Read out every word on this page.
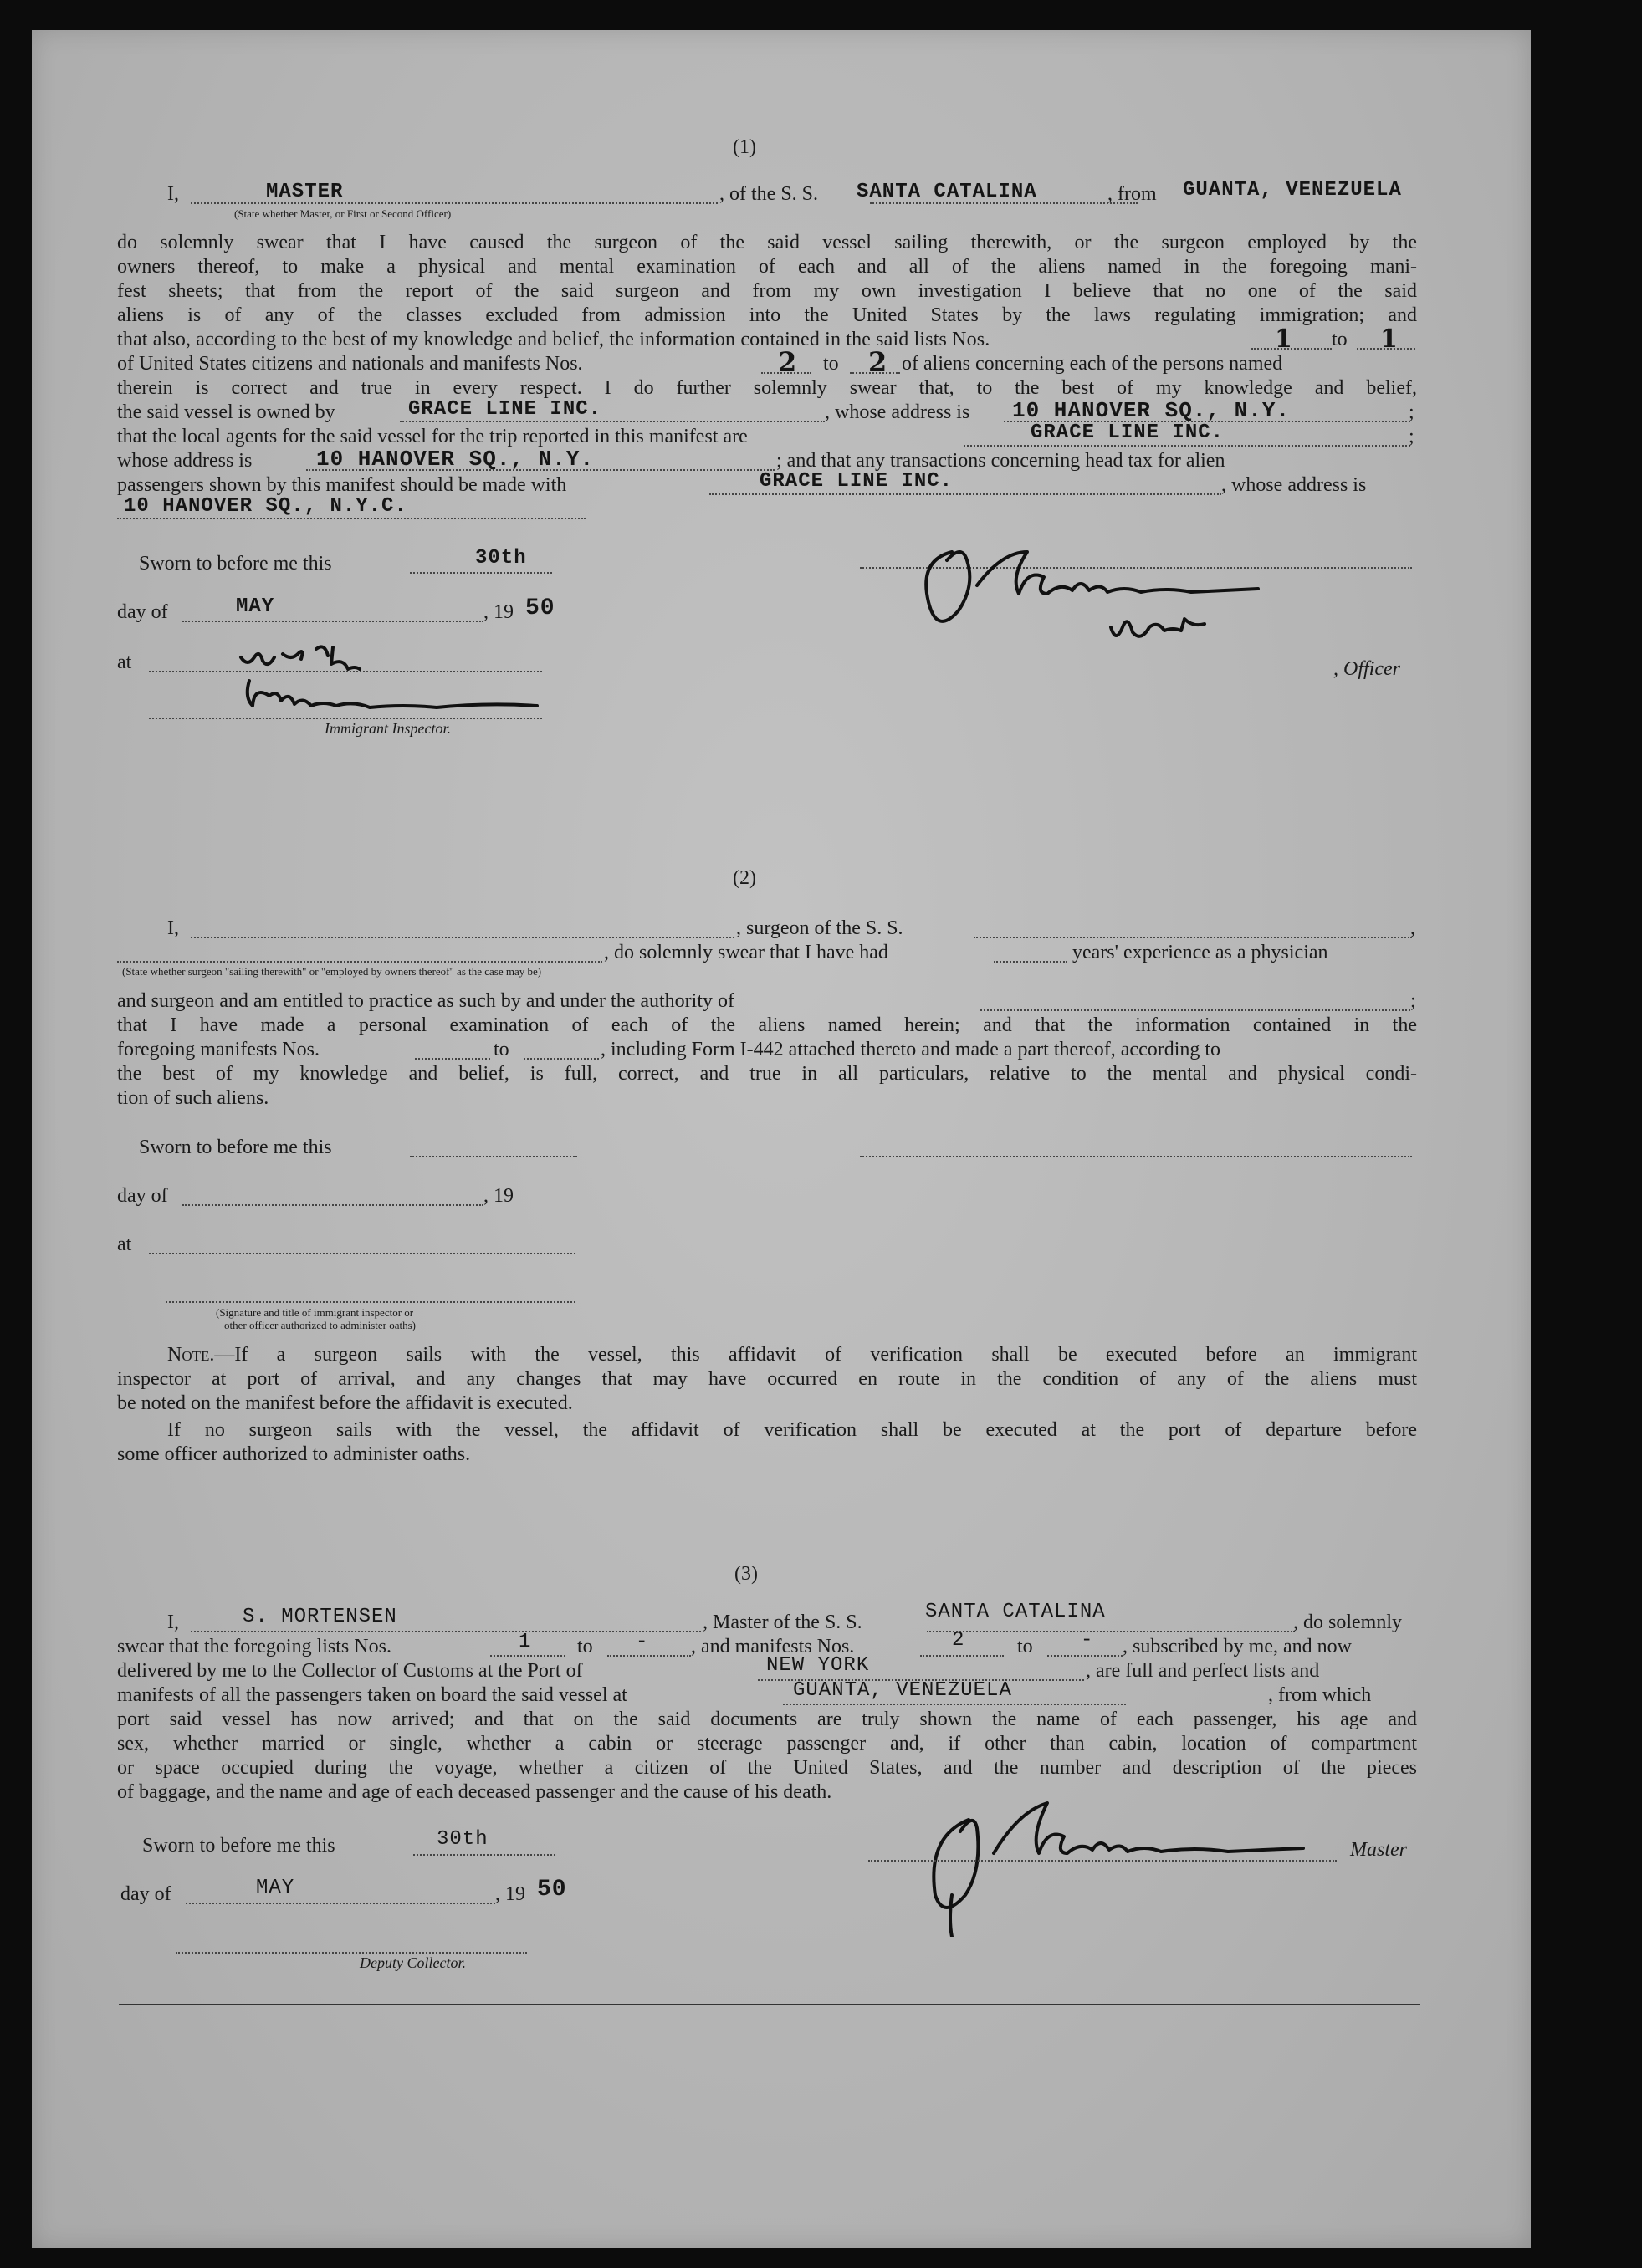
(1)
I,	MASTER	, of the S. S. SANTA CATALINA	, from GUANTA, VENEZUELA
(State whether Master, or First or Second Officer)
do solemnly swear that I have caused the surgeon of the said vessel sailing therewith, or the surgeon employed by the
owners thereof, to make a physical and mental examination of each and all of the aliens named in the foregoing mani-
fest sheets; that from the report of the said surgeon and from my own investigation I believe that no one of the said
aliens is of any of the classes excluded from admission into the United States by the laws regulating immigration; and
that also, according to the best of my knowledge and belief, the information contained in the said lists Nos.	1 to 1
of United States citizens and nationals and manifests Nos.	2 to 2 of aliens concerning each of the persons named
therein is correct and true in every respect. I do further solemnly swear that, to the best of my knowledge and belief,
the said vessel is owned by	GRACE LINE INC.	, whose address is 10 HANOVER SQ., N.Y.	;
that the local agents for the said vessel for the trip reported in this manifest are	GRACE LINE INC.	;
whose address is	10 HANOVER SQ., N.Y.	; and that any transactions concerning head tax for alien
passengers shown by this manifest should be made with	GRACE LINE INC.	, whose address is
10 HANOVER SQ., N.Y.C.
Sworn to before me this	30th
day of	MAY	, 19 50
at
Immigrant Inspector.
, Officer
(2)
I,	, surgeon of the S. S.	,
, do solemnly swear that I have had	years' experience as a physician
(State whether surgeon "sailing therewith" or "employed by owners thereof" as the case may be)
and surgeon and am entitled to practice as such by and under the authority of	;
that I have made a personal examination of each of the aliens named herein; and that the information contained in the
foregoing manifests Nos.	to	, including Form I-442 attached thereto and made a part thereof, according to
the best of my knowledge and belief, is full, correct, and true in all particulars, relative to the mental and physical condi-
tion of such aliens.
Sworn to before me this
day of	, 19
at
(Signature and title of immigrant inspector or
other officer authorized to administer oaths)
Note.—If a surgeon sails with the vessel, this affidavit of verification shall be executed before an immigrant
inspector at port of arrival, and any changes that may have occurred en route in the condition of any of the aliens must
be noted on the manifest before the affidavit is executed.
If no surgeon sails with the vessel, the affidavit of verification shall be executed at the port of departure before
some officer authorized to administer oaths.
(3)
I,	S. MORTENSEN	, Master of the S. S.	SANTA CATALINA	, do solemnly
swear that the foregoing lists Nos.	1 to - , and manifests Nos.	2	to - , subscribed by me, and now
delivered by me to the Collector of Customs at the Port of	NEW YORK	, are full and perfect lists and
manifests of all the passengers taken on board the said vessel at	GUANTA, VENEZUELA	, from which
port said vessel has now arrived; and that on the said documents are truly shown the name of each passenger, his age and
sex, whether married or single, whether a cabin or steerage passenger and, if other than cabin, location of compartment
or space occupied during the voyage, whether a citizen of the United States, and the number and description of the pieces
of baggage, and the name and age of each deceased passenger and the cause of his death.
Sworn to before me this	30th
day of	MAY	, 19 50
Deputy Collector.
Master
